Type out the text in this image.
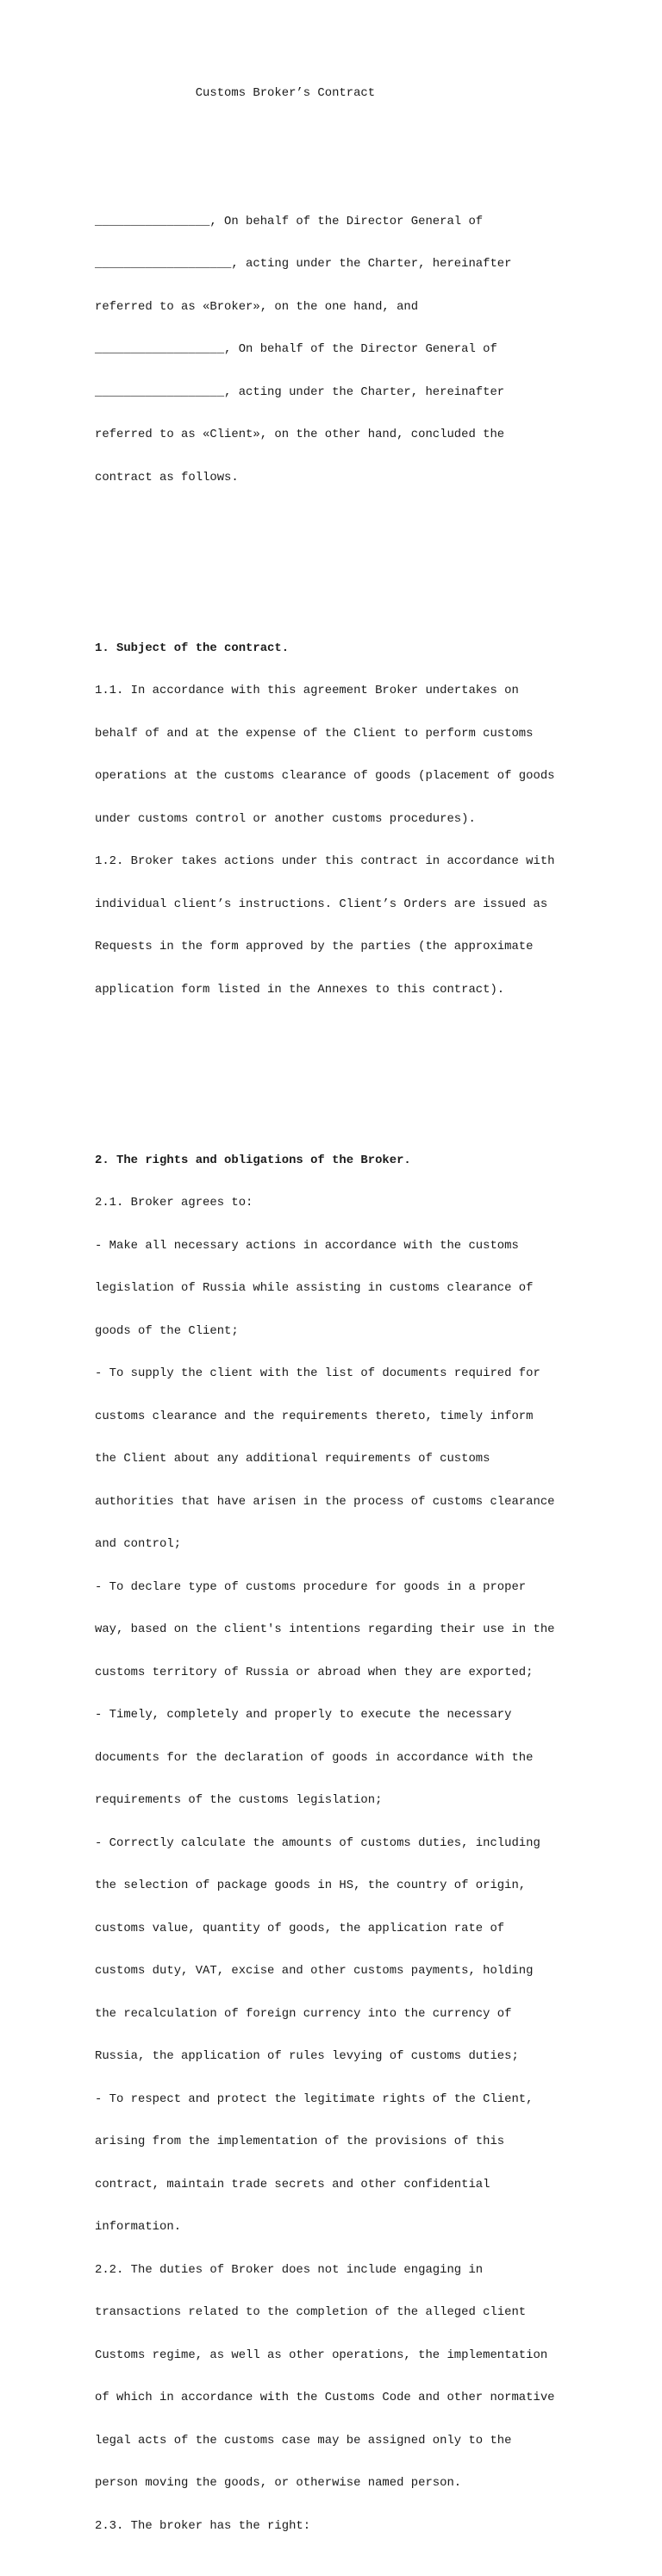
Customs Broker’s Contract

________________, On behalf of the Director General of

___________________, acting under the Charter, hereinafter

referred to as «Broker», on the one hand, and

__________________, On behalf of the Director General of

__________________, acting under the Charter, hereinafter

referred to as «Client», on the other hand, concluded the

contract as follows.

1. Subject of the contract.

1.1. In accordance with this agreement Broker undertakes on

behalf of and at the expense of the Client to perform customs

operations at the customs clearance of goods (placement of goods

under customs control or another customs procedures).

1.2. Broker takes actions under this contract in accordance with

individual client’s instructions. Client’s Orders are issued as

Requests in the form approved by the parties (the approximate

application form listed in the Annexes to this contract).

2. The rights and obligations of the Broker.

2.1. Broker agrees to:

- Make all necessary actions in accordance with the customs

legislation of Russia while assisting in customs clearance of

goods of the Client;

- To supply the client with the list of documents required for

customs clearance and the requirements thereto, timely inform

the Client about any additional requirements of customs

authorities that have arisen in the process of customs clearance

and control;

- To declare type of customs procedure for goods in a proper

way, based on the client's intentions regarding their use in the

customs territory of Russia or abroad when they are exported;

- Timely, completely and properly to execute the necessary

documents for the declaration of goods in accordance with the

requirements of the customs legislation;

- Correctly calculate the amounts of customs duties, including

the selection of package goods in HS, the country of origin,

customs value, quantity of goods, the application rate of

customs duty, VAT, excise and other customs payments, holding

the recalculation of foreign currency into the currency of

Russia, the application of rules levying of customs duties;

- To respect and protect the legitimate rights of the Client,

arising from the implementation of the provisions of this

contract, maintain trade secrets and other confidential

information.

2.2. The duties of Broker does not include engaging in

transactions related to the completion of the alleged client

Customs regime, as well as other operations, the implementation

of which in accordance with the Customs Code and other normative

legal acts of the customs case may be assigned only to the

person moving the goods, or otherwise named person.

2.3. The broker has the right:
